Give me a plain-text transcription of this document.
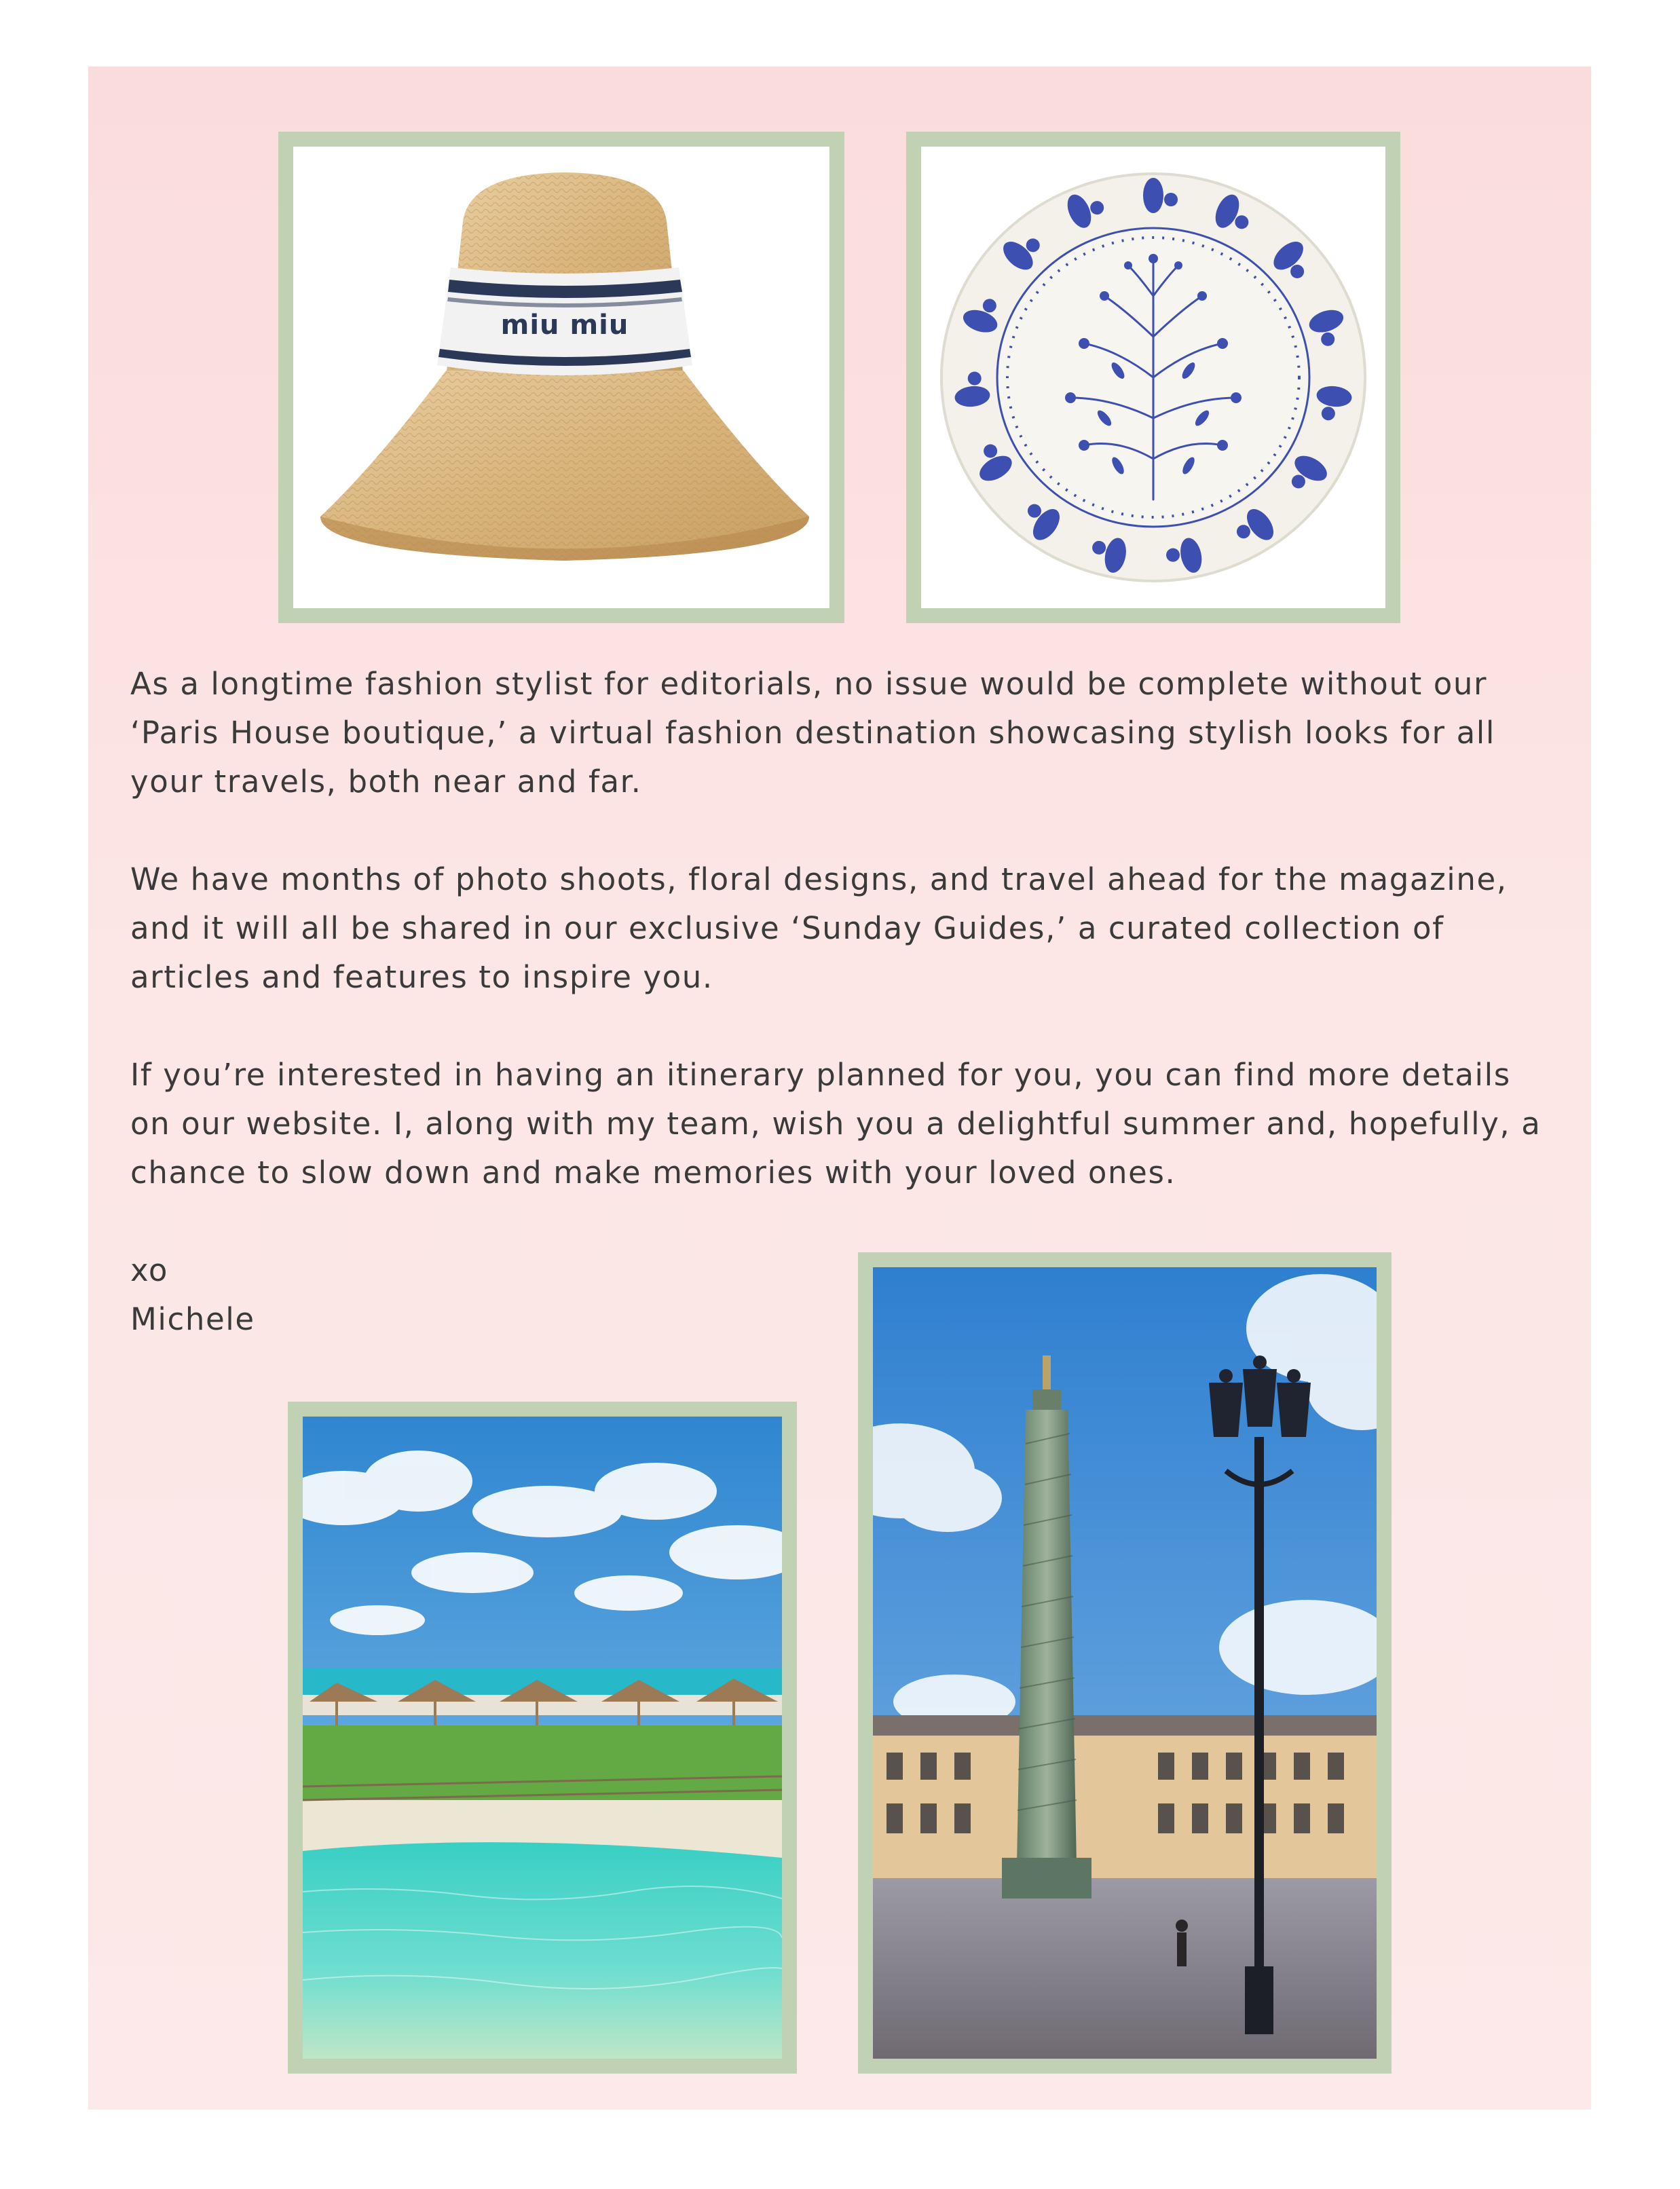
miu miu

As a longtime fashion stylist for editorials, no issue would be complete without our
‘Paris House boutique,’ a virtual fashion destination showcasing stylish looks for all
your travels, both near and far.

We have months of photo shoots, floral designs, and travel ahead for the magazine,
and it will all be shared in our exclusive ‘Sunday Guides,’ a curated collection of
articles and features to inspire you.

If you’re interested in having an itinerary planned for you, you can find more details
on our website. I, along with my team, wish you a delightful summer and, hopefully, a
chance to slow down and make memories with your loved ones.

xo
Michele
